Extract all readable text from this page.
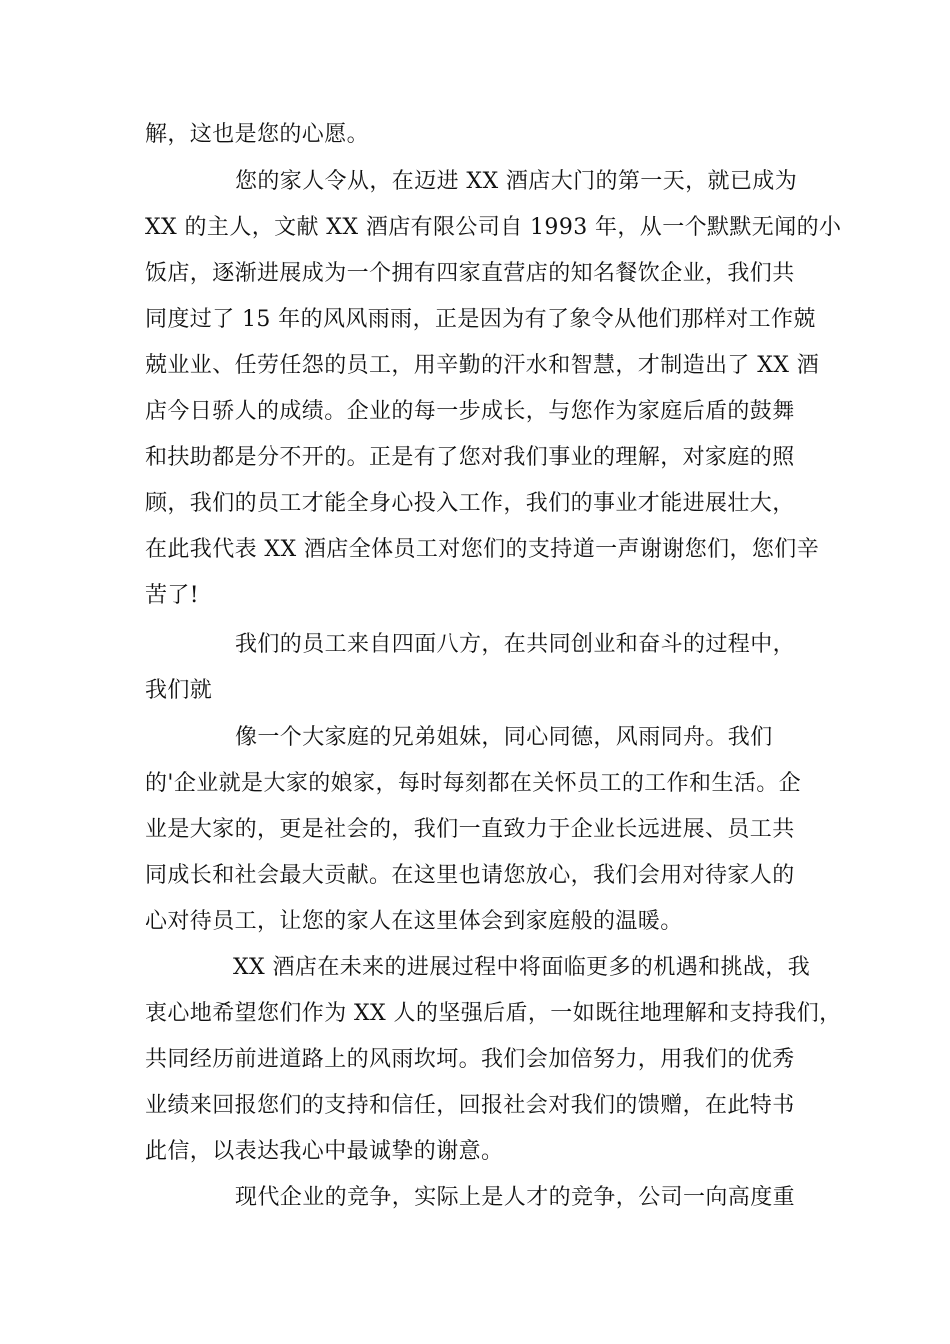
解，这也是您的心愿。
您的家人令从，在迈进 XX 酒店大门的第一天，就已成为
XX 的主人，文献 XX 酒店有限公司自 1993 年，从一个默默无闻的小
饭店，逐渐进展成为一个拥有四家直营店的知名餐饮企业，我们共
同度过了 15 年的风风雨雨，正是因为有了象令从他们那样对工作兢
兢业业、任劳任怨的员工，用辛勤的汗水和智慧，才制造出了 XX 酒
店今日骄人的成绩。企业的每一步成长，与您作为家庭后盾的鼓舞
和扶助都是分不开的。正是有了您对我们事业的理解，对家庭的照
顾，我们的员工才能全身心投入工作，我们的事业才能进展壮大，
在此我代表 XX 酒店全体员工对您们的支持道一声谢谢您们，您们辛
苦了!
我们的员工来自四面八方，在共同创业和奋斗的过程中，
我们就
像一个大家庭的兄弟姐妹，同心同德，风雨同舟。我们
的'企业就是大家的娘家，每时每刻都在关怀员工的工作和生活。企
业是大家的，更是社会的，我们一直致力于企业长远进展、员工共
同成长和社会最大贡献。在这里也请您放心，我们会用对待家人的
心对待员工，让您的家人在这里体会到家庭般的温暖。
XX 酒店在未来的进展过程中将面临更多的机遇和挑战，我
衷心地希望您们作为 XX 人的坚强后盾，一如既往地理解和支持我们，
共同经历前进道路上的风雨坎坷。我们会加倍努力，用我们的优秀
业绩来回报您们的支持和信任，回报社会对我们的馈赠，在此特书
此信，以表达我心中最诚挚的谢意。
现代企业的竞争，实际上是人才的竞争，公司一向高度重
